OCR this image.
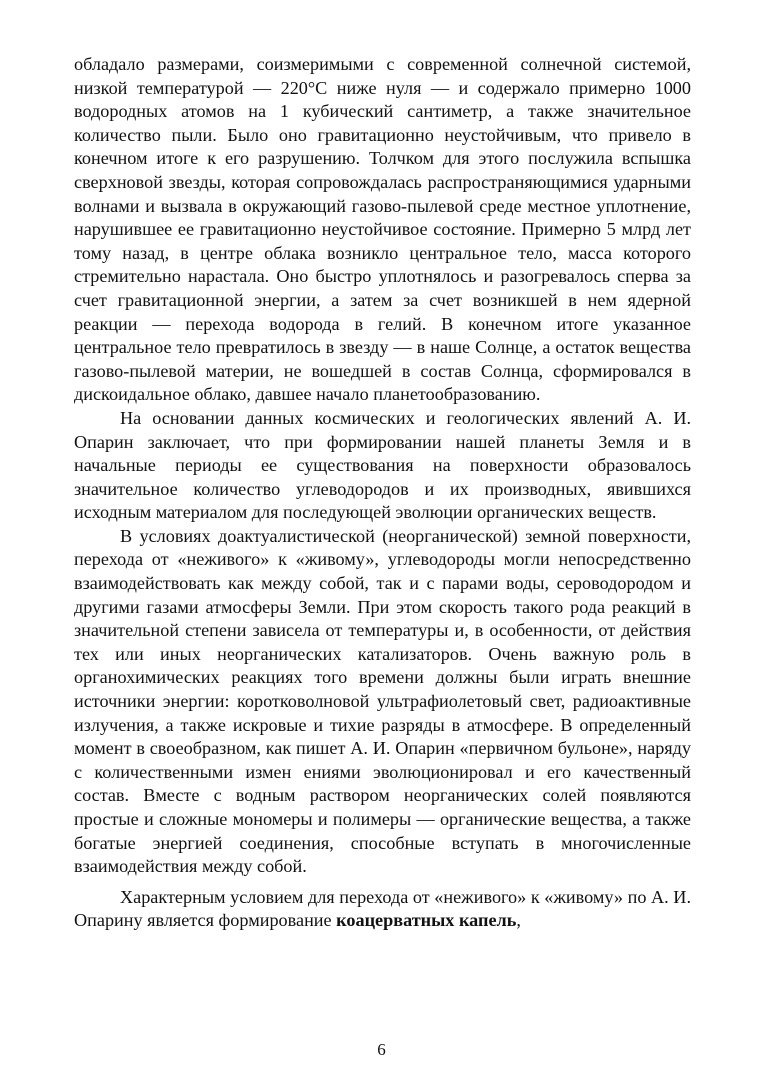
обладало размерами, соизмеримыми с современной солнечной системой, низкой температурой — 220°С ниже нуля — и содержало примерно 1000 водородных атомов на 1 кубический сантиметр, а также значительное количество пыли. Было оно гравитационно неустойчивым, что привело в конечном итоге к его разрушению. Толчком для этого послужила вспышка сверхновой звезды, которая сопровождалась распространяющимися ударными волнами и вызвала в окружающий газово-пылевой среде местное уплотнение, нарушившее ее гравитационно неустойчивое состояние. Примерно 5 млрд лет тому назад, в центре облака возникло центральное тело, масса которого стремительно нарастала. Оно быстро уплотнялось и разогревалось сперва за счет гравитационной энергии, а затем за счет возникшей в нем ядерной реакции — перехода водорода в гелий. В конечном итоге указанное центральное тело превратилось в звезду — в наше Солнце, а остаток вещества газово-пылевой материи, не вошедшей в состав Солнца, сформировался в дискоидальное облако, давшее начало планетообразованию.

На основании данных космических и геологических явлений А. И. Опарин заключает, что при формировании нашей планеты Земля и в начальные периоды ее существования на поверхности образовалось значительное количество углеводородов и их производных, явившихся исходным материалом для последующей эволюции органических веществ.

В условиях доактуалистической (неорганической) земной поверхности, перехода от «неживого» к «живому», углеводороды могли непосредственно взаимодействовать как между собой, так и с парами воды, сероводородом и другими газами атмосферы Земли. При этом скорость такого рода реакций в значительной степени зависела от температуры и, в особенности, от действия тех или иных неорганических катализаторов. Очень важную роль в органохимических реакциях того времени должны были играть внешние источники энергии: коротковолновой ультрафиолетовый свет, радиоактивные излучения, а также искровые и тихие разряды в атмосфере. В определенный момент в своеобразном, как пишет А. И. Опарин «первичном бульоне», наряду с количественными измен ениями эволюционировал и его качественный состав. Вместе с водным раствором неорганических солей появляются простые и сложные мономеры и полимеры — органические вещества, а также богатые энергией соединения, способные вступать в многочисленные взаимодействия между собой.

Характерным условием для перехода от «неживого» к «живому» по А. И. Опарину является формирование коацерватных капель,

6
